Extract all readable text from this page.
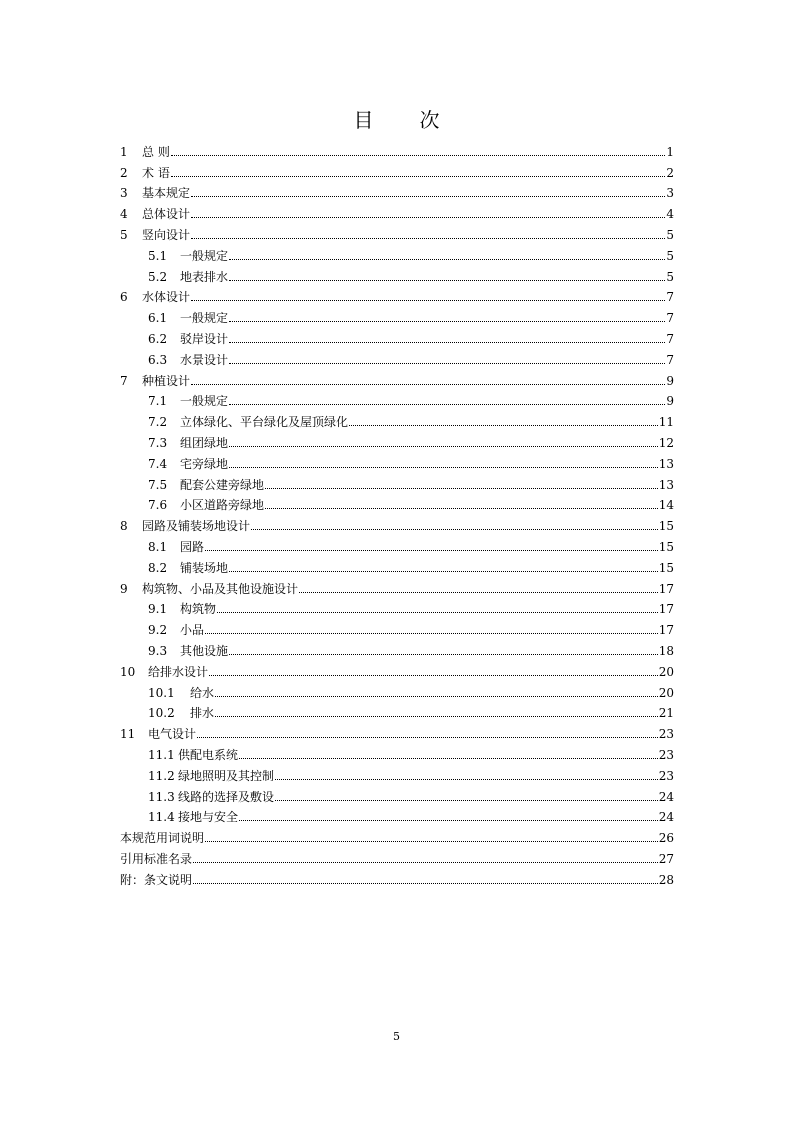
目 次
1	总 则	1
2	术 语	2
3	基本规定	3
4	总体设计	4
5	竖向设计	5
5.1	一般规定	5
5.2	地表排水	5
6	水体设计	7
6.1	一般规定	7
6.2	驳岸设计	7
6.3	水景设计	7
7	种植设计	9
7.1	一般规定	9
7.2	立体绿化、平台绿化及屋顶绿化	11
7.3	组团绿地	12
7.4	宅旁绿地	13
7.5	配套公建旁绿地	13
7.6	小区道路旁绿地	14
8	园路及铺装场地设计	15
8.1	园路	15
8.2	铺装场地	15
9	构筑物、小品及其他设施设计	17
9.1	构筑物	17
9.2	小品	17
9.3	其他设施	18
10	给排水设计	20
10.1	给水	20
10.2	排水	21
11	电气设计	23
11.1 供配电系统	23
11.2 绿地照明及其控制	23
11.3 线路的选择及敷设	24
11.4 接地与安全	24
本规范用词说明	26
引用标准名录	27
附：条文说明	28
5
